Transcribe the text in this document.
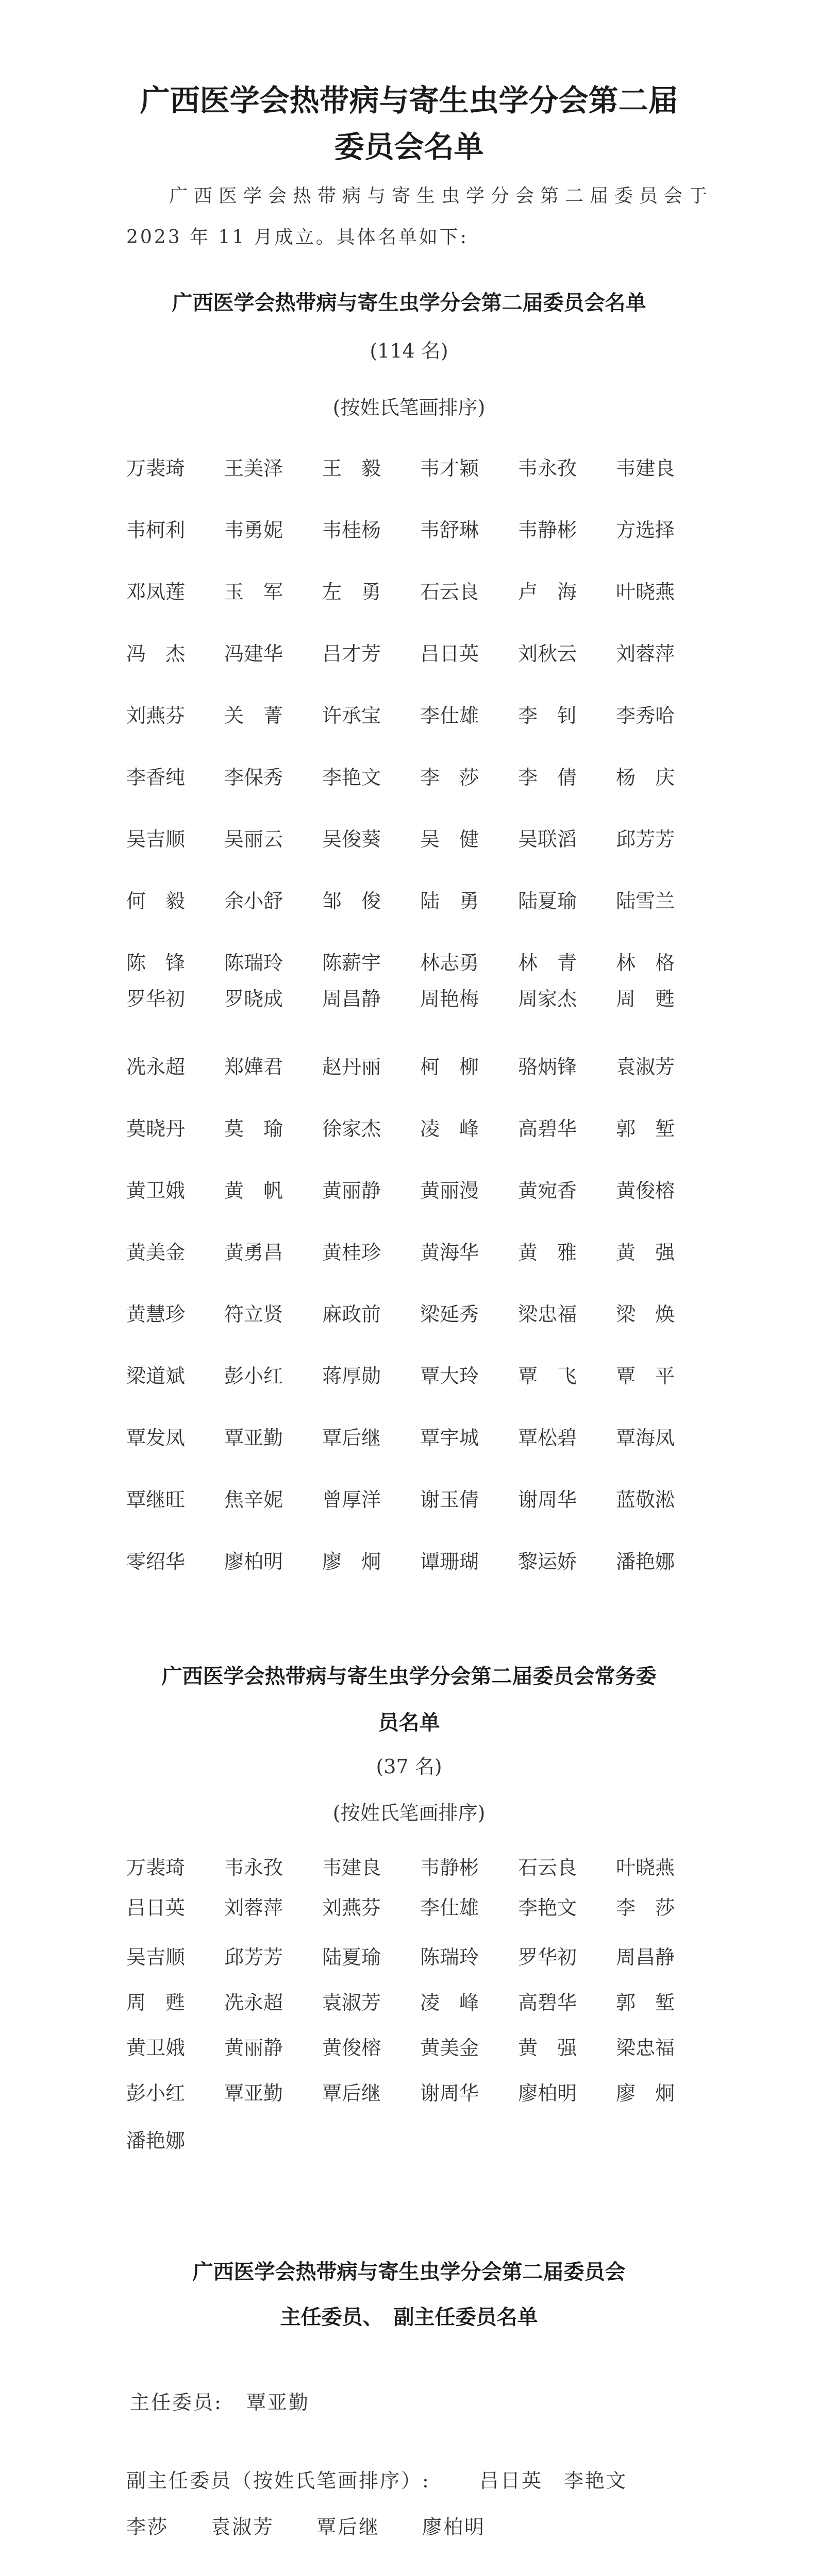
广西医学会热带病与寄生虫学分会第二届
委员会名单
广西医学会热带病与寄生虫学分会第二届委员会于
2023 年 11 月成立。具体名单如下:
广西医学会热带病与寄生虫学分会第二届委员会名单
(114 名)
(按姓氏笔画排序)
万裴琦	王美泽	王　毅	韦才颖	韦永孜	韦建良
韦柯利	韦勇妮	韦桂杨	韦舒琳	韦静彬	方选择
邓凤莲	玉　军	左　勇	石云良	卢　海	叶晓燕
冯　杰	冯建华	吕才芳	吕日英	刘秋云	刘蓉萍
刘燕芬	关　菁	许承宝	李仕雄	李　钊	李秀哈
李香纯	李保秀	李艳文	李　莎	李　倩	杨　庆
吴吉顺	吴丽云	吴俊葵	吴　健	吴联滔	邱芳芳
何　毅	余小舒	邹　俊	陆　勇	陆夏瑜	陆雪兰
陈　锋	陈瑞玲	陈薪宇	林志勇	林　青	林　格
罗华初	罗晓成	周昌静	周艳梅	周家杰	周　甦
冼永超	郑嬅君	赵丹丽	柯　柳	骆炳锋	袁淑芳
莫晓丹	莫　瑜	徐家杰	凌　峰	高碧华	郭　堑
黄卫娥	黄　帆	黄丽静	黄丽漫	黄宛香	黄俊榕
黄美金	黄勇昌	黄桂珍	黄海华	黄　雅	黄　强
黄慧珍	符立贤	麻政前	梁延秀	梁忠福	梁　焕
梁道斌	彭小红	蒋厚勋	覃大玲	覃　飞	覃　平
覃发凤	覃亚勤	覃后继	覃宇城	覃松碧	覃海凤
覃继旺	焦辛妮	曾厚洋	谢玉倩	谢周华	蓝敬淞
零绍华	廖柏明	廖　炯	谭珊瑚	黎运娇	潘艳娜
广西医学会热带病与寄生虫学分会第二届委员会常务委
员名单
(37 名)
(按姓氏笔画排序)
万裴琦	韦永孜	韦建良	韦静彬	石云良	叶晓燕
吕日英	刘蓉萍	刘燕芬	李仕雄	李艳文	李　莎
吴吉顺	邱芳芳	陆夏瑜	陈瑞玲	罗华初	周昌静
周　甦	冼永超	袁淑芳	凌　峰	高碧华	郭　堑
黄卫娥	黄丽静	黄俊榕	黄美金	黄　强	梁忠福
彭小红	覃亚勤	覃后继	谢周华	廖柏明	廖　炯
潘艳娜
广西医学会热带病与寄生虫学分会第二届委员会
主任委员、　副主任委员名单
主任委员: 覃亚勤
副主任委员（按姓氏笔画排序）:	吕日英　李艳文
李莎　　袁淑芳　　覃后继　　廖柏明
